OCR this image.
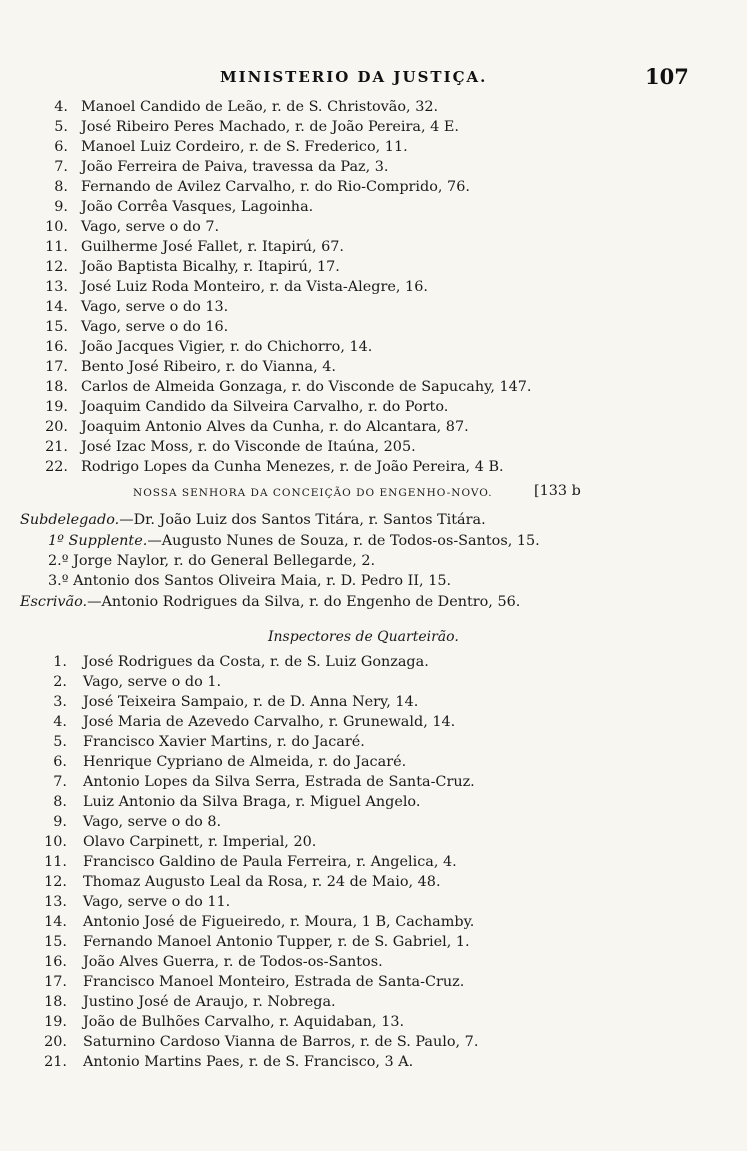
MINISTERIO DA JUSTIÇA.	107
4. Manoel Candido de Leão, r. de S. Christovão, 32.
5. José Ribeiro Peres Machado, r. de João Pereira, 4 E.
6. Manoel Luiz Cordeiro, r. de S. Frederico, 11.
7. João Ferreira de Paiva, travessa da Paz, 3.
8. Fernando de Avilez Carvalho, r. do Rio-Comprido, 76.
9. João Corrêa Vasques, Lagoinha.
10. Vago, serve o do 7.
11. Guilherme José Fallet, r. Itapirú, 67.
12. João Baptista Bicalhy, r. Itapirú, 17.
13. José Luiz Roda Monteiro, r. da Vista-Alegre, 16.
14. Vago, serve o do 13.
15. Vago, serve o do 16.
16. João Jacques Vigier, r. do Chichorro, 14.
17. Bento José Ribeiro, r. do Vianna, 4.
18. Carlos de Almeida Gonzaga, r. do Visconde de Sapucahy, 147.
19. Joaquim Candido da Silveira Carvalho, r. do Porto.
20. Joaquim Antonio Alves da Cunha, r. do Alcantara, 87.
21. José Izac Moss, r. do Visconde de Itaúna, 205.
22. Rodrigo Lopes da Cunha Menezes, r. de João Pereira, 4 B.
NOSSA SENHORA DA CONCEIÇÃO DO ENGENHO-NOVO.	[133 b
Subdelegado.—Dr. João Luiz dos Santos Titára, r. Santos Titára.
1º Supplente.—Augusto Nunes de Souza, r. de Todos-os-Santos, 15.
2.º Jorge Naylor, r. do General Bellegarde, 2.
3.º Antonio dos Santos Oliveira Maia, r. D. Pedro II, 15.
Escrivão.—Antonio Rodrigues da Silva, r. do Engenho de Dentro, 56.
Inspectores de Quarteirão.
1. José Rodrigues da Costa, r. de S. Luiz Gonzaga.
2. Vago, serve o do 1.
3. José Teixeira Sampaio, r. de D. Anna Nery, 14.
4. José Maria de Azevedo Carvalho, r. Grunewald, 14.
5. Francisco Xavier Martins, r. do Jacaré.
6. Henrique Cypriano de Almeida, r. do Jacaré.
7. Antonio Lopes da Silva Serra, Estrada de Santa-Cruz.
8. Luiz Antonio da Silva Braga, r. Miguel Angelo.
9. Vago, serve o do 8.
10. Olavo Carpinett, r. Imperial, 20.
11. Francisco Galdino de Paula Ferreira, r. Angelica, 4.
12. Thomaz Augusto Leal da Rosa, r. 24 de Maio, 48.
13. Vago, serve o do 11.
14. Antonio José de Figueiredo, r. Moura, 1 B, Cachamby.
15. Fernando Manoel Antonio Tupper, r. de S. Gabriel, 1.
16. João Alves Guerra, r. de Todos-os-Santos.
17. Francisco Manoel Monteiro, Estrada de Santa-Cruz.
18. Justino José de Araujo, r. Nobrega.
19. João de Bulhões Carvalho, r. Aquidaban, 13.
20. Saturnino Cardoso Vianna de Barros, r. de S. Paulo, 7.
21. Antonio Martins Paes, r. de S. Francisco, 3 A.
